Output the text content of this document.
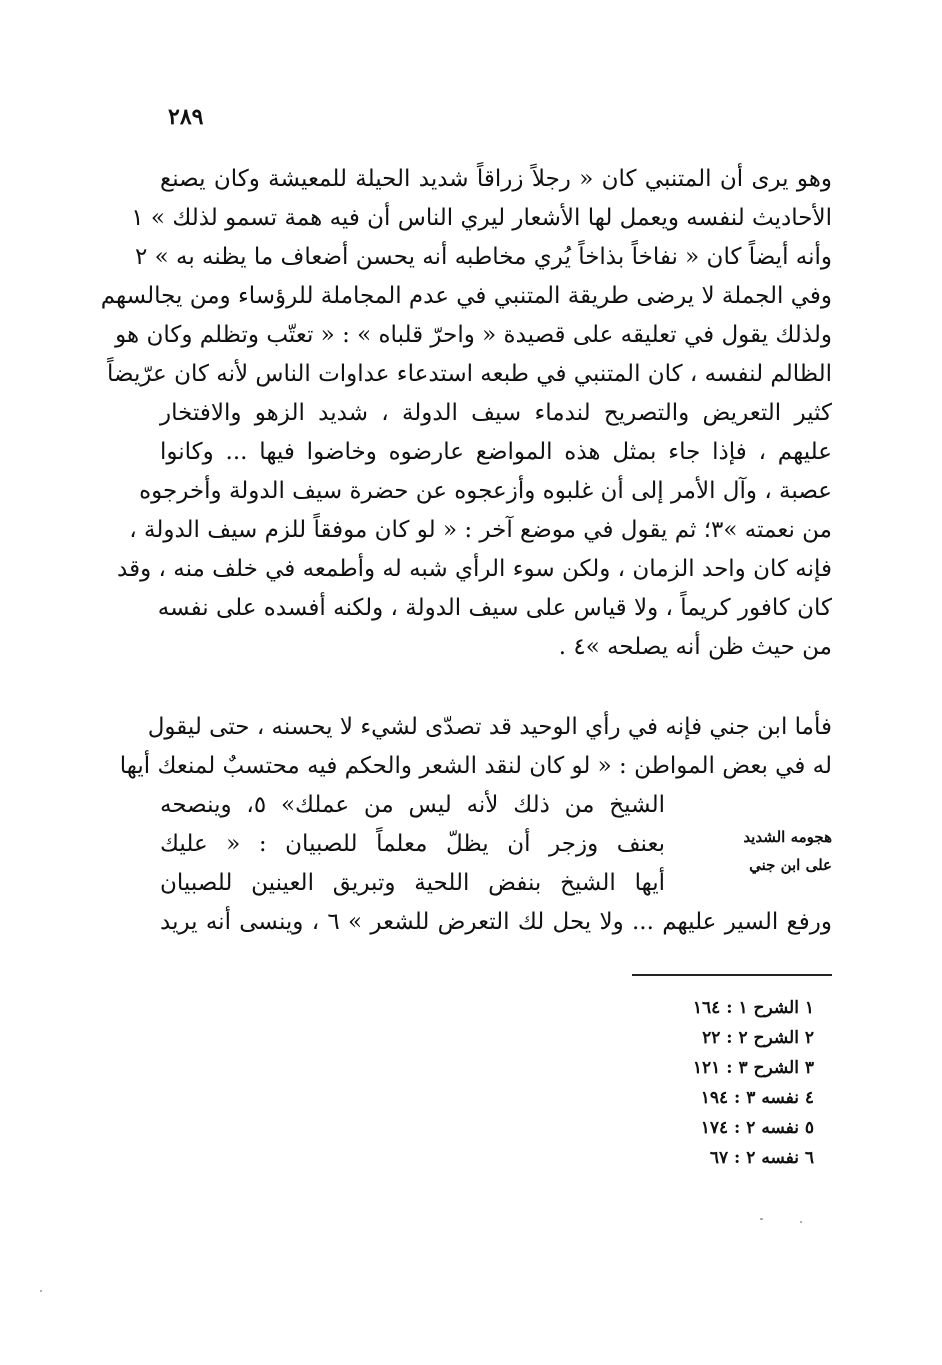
٢٨٩
وهو يرى أن المتنبي كان « رجلاً زراقاً شديد الحيلة للمعيشة وكان يصنع
الأحاديث لنفسه ويعمل لها الأشعار ليري الناس أن فيه همة تسمو لذلك » ١
وأنه أيضاً كان « نفاخاً بذاخاً يُري مخاطبه أنه يحسن أضعاف ما يظنه به » ٢
وفي الجملة لا يرضى طريقة المتنبي في عدم المجاملة للرؤساء ومن يجالسهم
ولذلك يقول في تعليقه على قصيدة « واحرّ قلباه » : « تعتّب وتظلم وكان هو
الظالم لنفسه ، كان المتنبي في طبعه استدعاء عداوات الناس لأنه كان عرّيضاً
كثير التعريض والتصريح لندماء سيف الدولة ، شديد الزهو والافتخار
عليهم ، فإذا جاء بمثل هذه المواضع عارضوه وخاضوا فيها ... وكانوا
عصبة ، وآل الأمر إلى أن غلبوه وأزعجوه عن حضرة سيف الدولة وأخرجوه
من نعمته »٣؛ ثم يقول في موضع آخر : « لو كان موفقاً للزم سيف الدولة ،
فإنه كان واحد الزمان ، ولكن سوء الرأي شبه له وأطمعه في خلف منه ، وقد
كان كافور كريماً ، ولا قياس على سيف الدولة ، ولكنه أفسده على نفسه
من حيث ظن أنه يصلحه »٤ .
فأما ابن جني فإنه في رأي الوحيد قد تصدّى لشيء لا يحسنه ، حتى ليقول
له في بعض المواطن : « لو كان لنقد الشعر والحكم فيه محتسبٌ لمنعك أيها
الشيخ من ذلك لأنه ليس من عملك» ٥، وينصحه
بعنف وزجر أن يظلّ معلماً للصبيان : « عليك
أيها الشيخ بنفض اللحية وتبريق العينين للصبيان
ورفع السير عليهم ... ولا يحل لك التعرض للشعر » ٦ ، وينسى أنه يريد
هجومه الشديد
على ابن جني
١ الشرح ١ : ١٦٤
٢ الشرح ٢ : ٢٢
٣ الشرح ٣ : ١٢١
٤ نفسه ٣ : ١٩٤
٥ نفسه ٢ : ١٧٤
٦ نفسه ٢ : ٦٧
